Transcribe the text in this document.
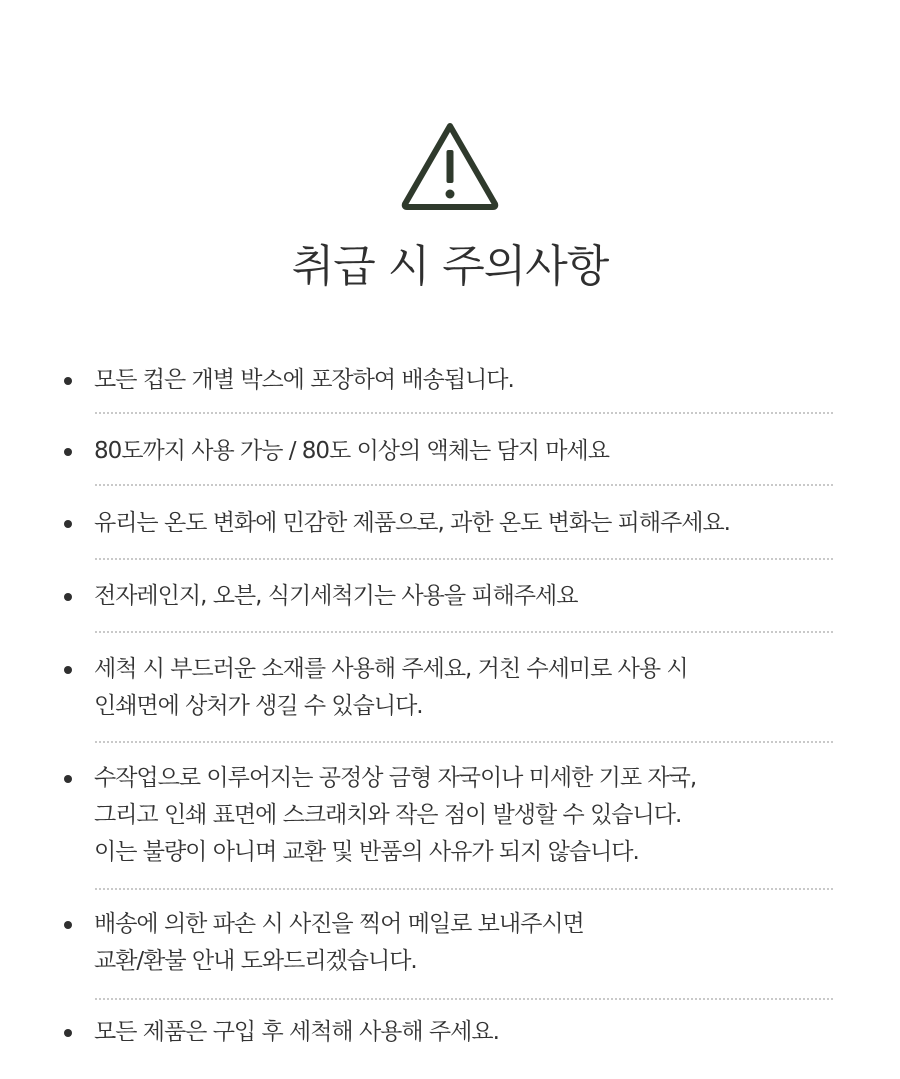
취급 시 주의사항
모든 컵은 개별 박스에 포장하여 배송됩니다.
80도까지 사용 가능 / 80도 이상의 액체는 담지 마세요
유리는 온도 변화에 민감한 제품으로, 과한 온도 변화는 피해주세요.
전자레인지, 오븐, 식기세척기는 사용을 피해주세요
세척 시 부드러운 소재를 사용해 주세요, 거친 수세미로 사용 시
인쇄면에 상처가 생길 수 있습니다.
수작업으로 이루어지는 공정상 금형 자국이나 미세한 기포 자국,
그리고 인쇄 표면에 스크래치와 작은 점이 발생할 수 있습니다.
이는 불량이 아니며 교환 및 반품의 사유가 되지 않습니다.
배송에 의한 파손 시 사진을 찍어 메일로 보내주시면
교환/환불 안내 도와드리겠습니다.
모든 제품은 구입 후 세척해 사용해 주세요.
